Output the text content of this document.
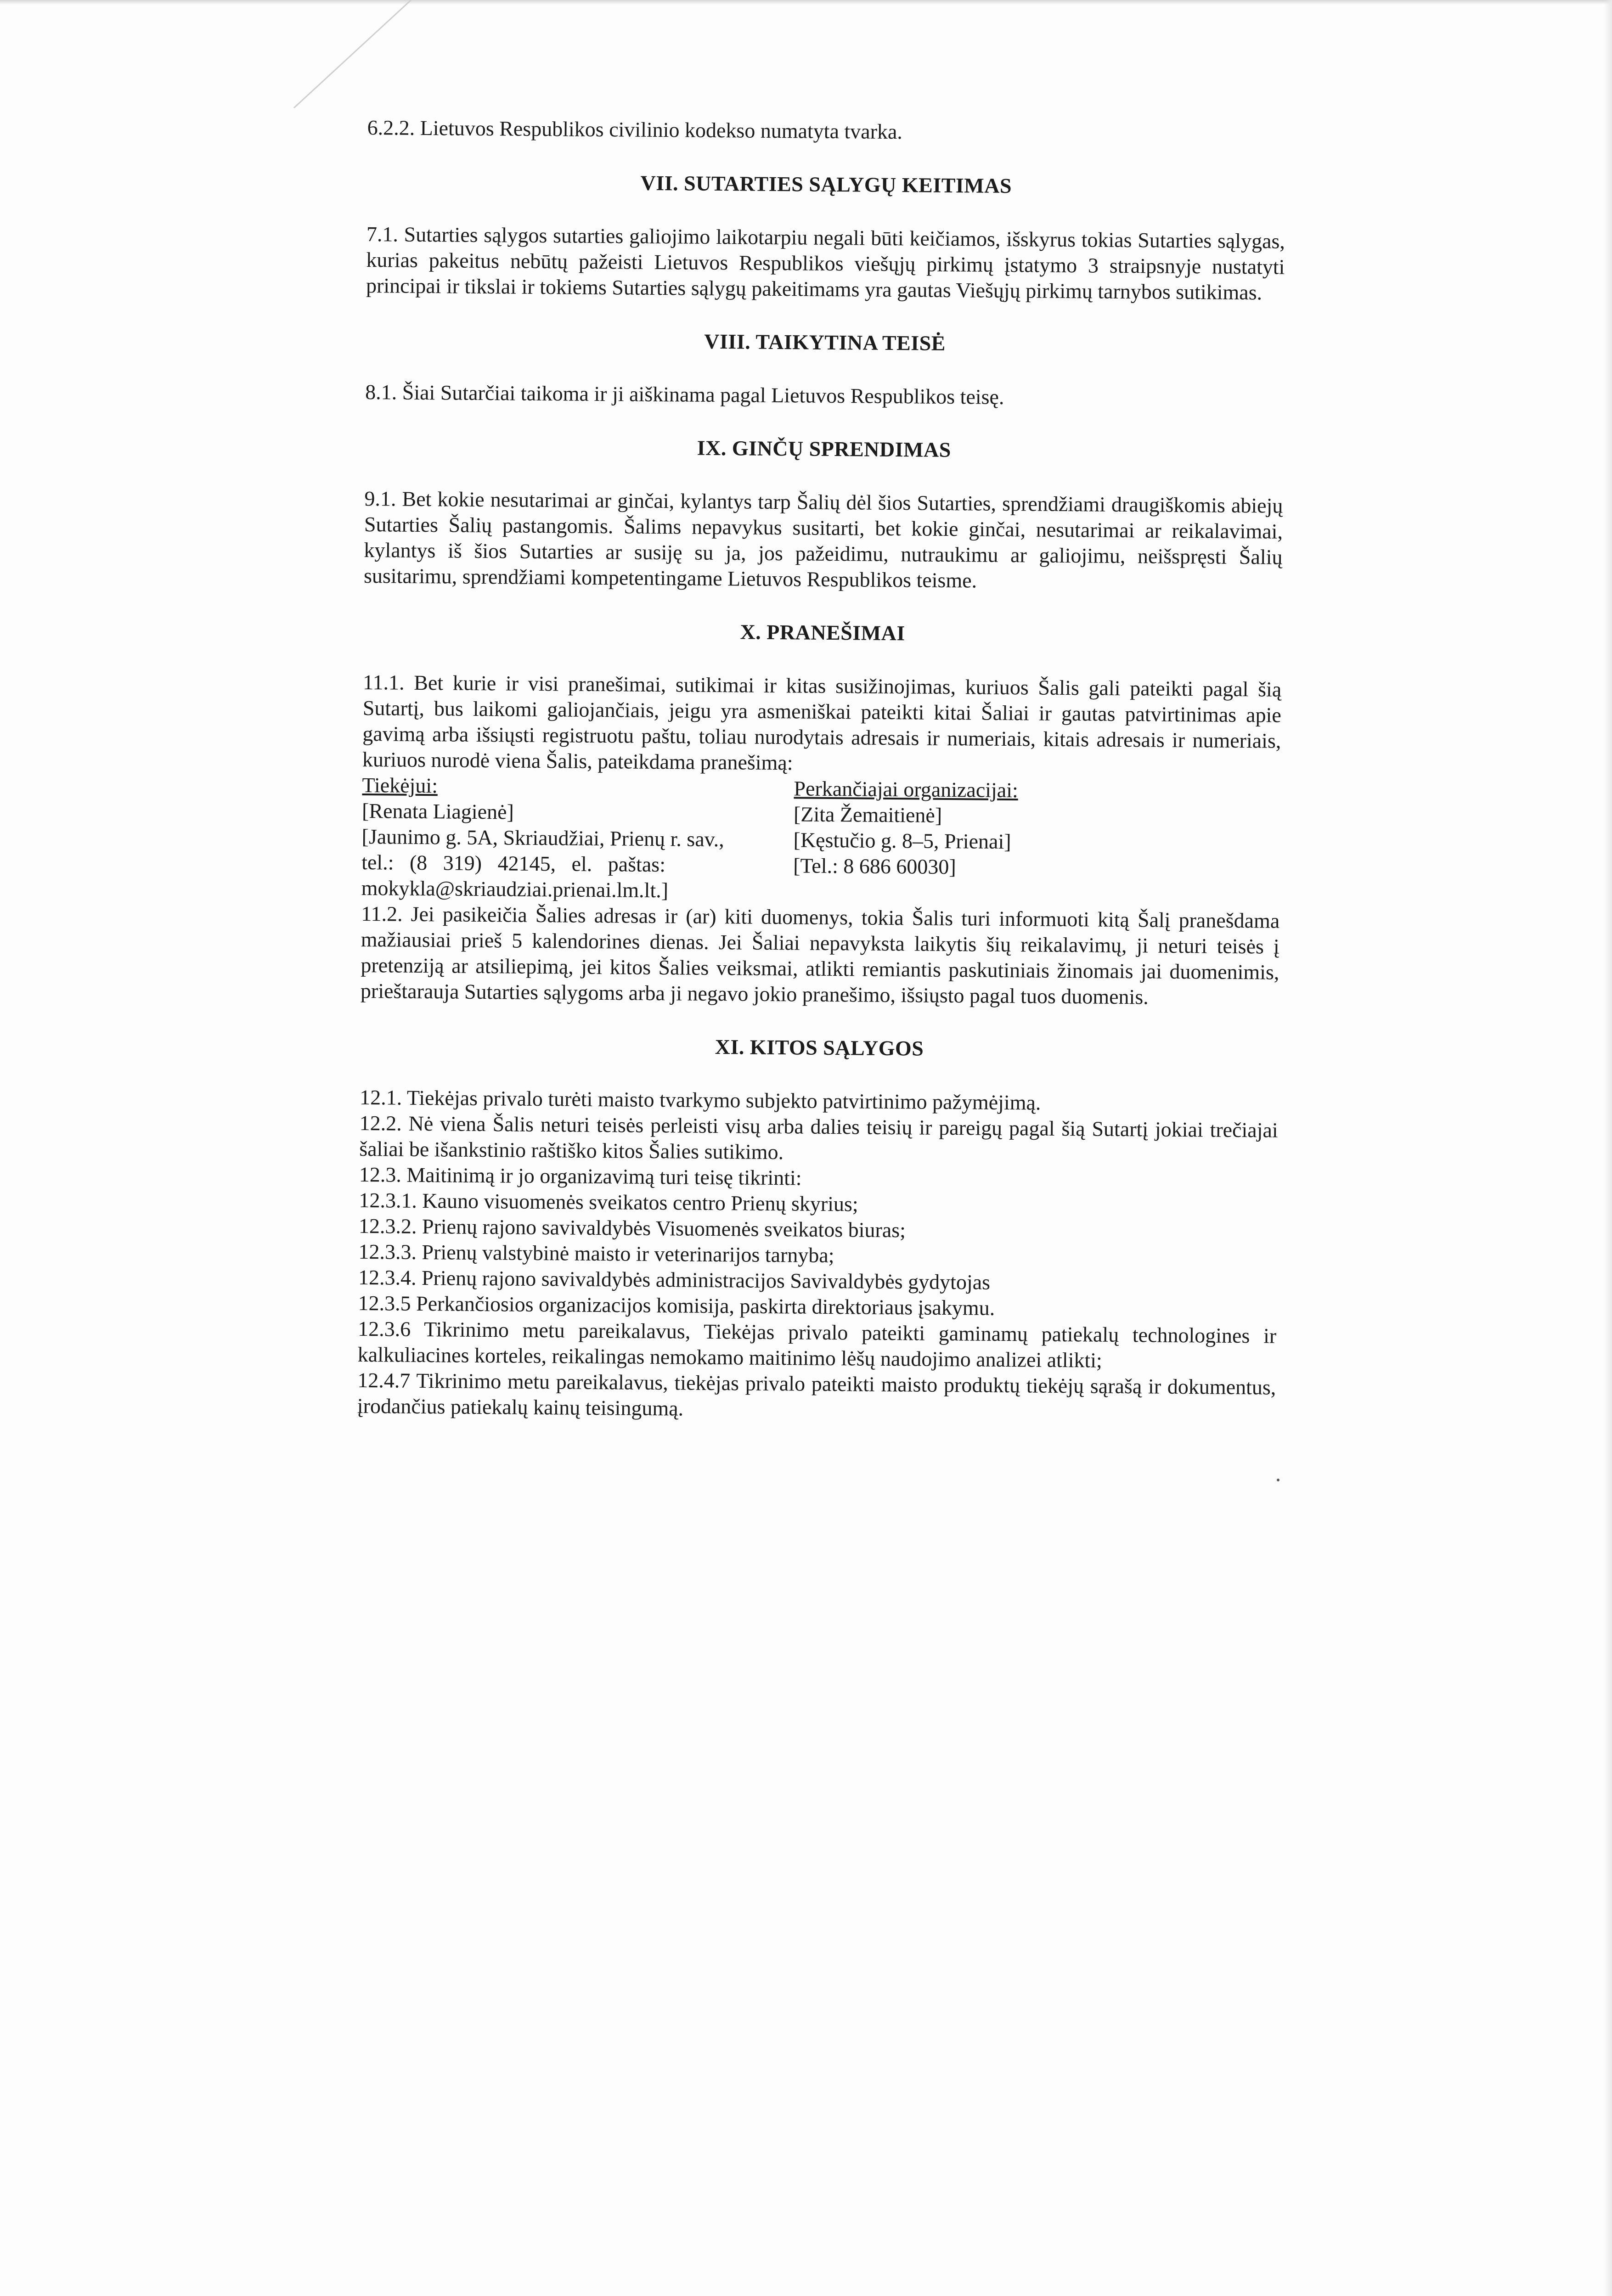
6.2.2. Lietuvos Respublikos civilinio kodekso numatyta tvarka.

VII. SUTARTIES SĄLYGŲ KEITIMAS

7.1. Sutarties sąlygos sutarties galiojimo laikotarpiu negali būti keičiamos, išskyrus tokias Sutarties sąlygas, kurias pakeitus nebūtų pažeisti Lietuvos Respublikos viešųjų pirkimų įstatymo 3 straipsnyje nustatyti principai ir tikslai ir tokiems Sutarties sąlygų pakeitimams yra gautas Viešųjų pirkimų tarnybos sutikimas.

VIII. TAIKYTINA TEISĖ

8.1. Šiai Sutarčiai taikoma ir ji aiškinama pagal Lietuvos Respublikos teisę.

IX. GINČŲ SPRENDIMAS

9.1. Bet kokie nesutarimai ar ginčai, kylantys tarp Šalių dėl šios Sutarties, sprendžiami draugiškomis abiejų Sutarties Šalių pastangomis. Šalims nepavykus susitarti, bet kokie ginčai, nesutarimai ar reikalavimai, kylantys iš šios Sutarties ar susiję su ja, jos pažeidimu, nutraukimu ar galiojimu, neišspręsti Šalių susitarimu, sprendžiami kompetentingame Lietuvos Respublikos teisme.

X. PRANEŠIMAI

11.1. Bet kurie ir visi pranešimai, sutikimai ir kitas susižinojimas, kuriuos Šalis gali pateikti pagal šią Sutartį, bus laikomi galiojančiais, jeigu yra asmeniškai pateikti kitai Šaliai ir gautas patvirtinimas apie gavimą arba išsiųsti registruotu paštu, toliau nurodytais adresais ir numeriais, kitais adresais ir numeriais, kuriuos nurodė viena Šalis, pateikdama pranešimą:

Tiekėjui:	Perkančiajai organizacijai:
[Renata Liagienė]	[Zita Žemaitienė]
[Jaunimo g. 5A, Skriaudžiai, Prienų r. sav.,	[Kęstučio g. 8–5, Prienai]
tel.:   (8   319)   42145,   el.   paštas:	[Tel.: 8 686 60030]
mokykla@skriaudziai.prienai.lm.lt.]

11.2. Jei pasikeičia Šalies adresas ir (ar) kiti duomenys, tokia Šalis turi informuoti kitą Šalį pranešdama mažiausiai prieš 5 kalendorines dienas. Jei Šaliai nepavyksta laikytis šių reikalavimų, ji neturi teisės į pretenziją ar atsiliepimą, jei kitos Šalies veiksmai, atlikti remiantis paskutiniais žinomais jai duomenimis, prieštarauja Sutarties sąlygoms arba ji negavo jokio pranešimo, išsiųsto pagal tuos duomenis.

XI. KITOS SĄLYGOS

12.1. Tiekėjas privalo turėti maisto tvarkymo subjekto patvirtinimo pažymėjimą.

12.2. Nė viena Šalis neturi teisės perleisti visų arba dalies teisių ir pareigų pagal šią Sutartį jokiai trečiajai šaliai be išankstinio raštiško kitos Šalies sutikimo.

12.3. Maitinimą ir jo organizavimą turi teisę tikrinti:

12.3.1. Kauno visuomenės sveikatos centro Prienų skyrius;

12.3.2. Prienų rajono savivaldybės Visuomenės sveikatos biuras;

12.3.3. Prienų valstybinė maisto ir veterinarijos tarnyba;

12.3.4. Prienų rajono savivaldybės administracijos Savivaldybės gydytojas

12.3.5 Perkančiosios organizacijos komisija, paskirta direktoriaus įsakymu.

12.3.6 Tikrinimo metu pareikalavus, Tiekėjas privalo pateikti gaminamų patiekalų technologines ir kalkuliacines korteles, reikalingas nemokamo maitinimo lėšų naudojimo analizei atlikti;

12.4.7 Tikrinimo metu pareikalavus, tiekėjas privalo pateikti maisto produktų tiekėjų sąrašą ir dokumentus, įrodančius patiekalų kainų teisingumą.
